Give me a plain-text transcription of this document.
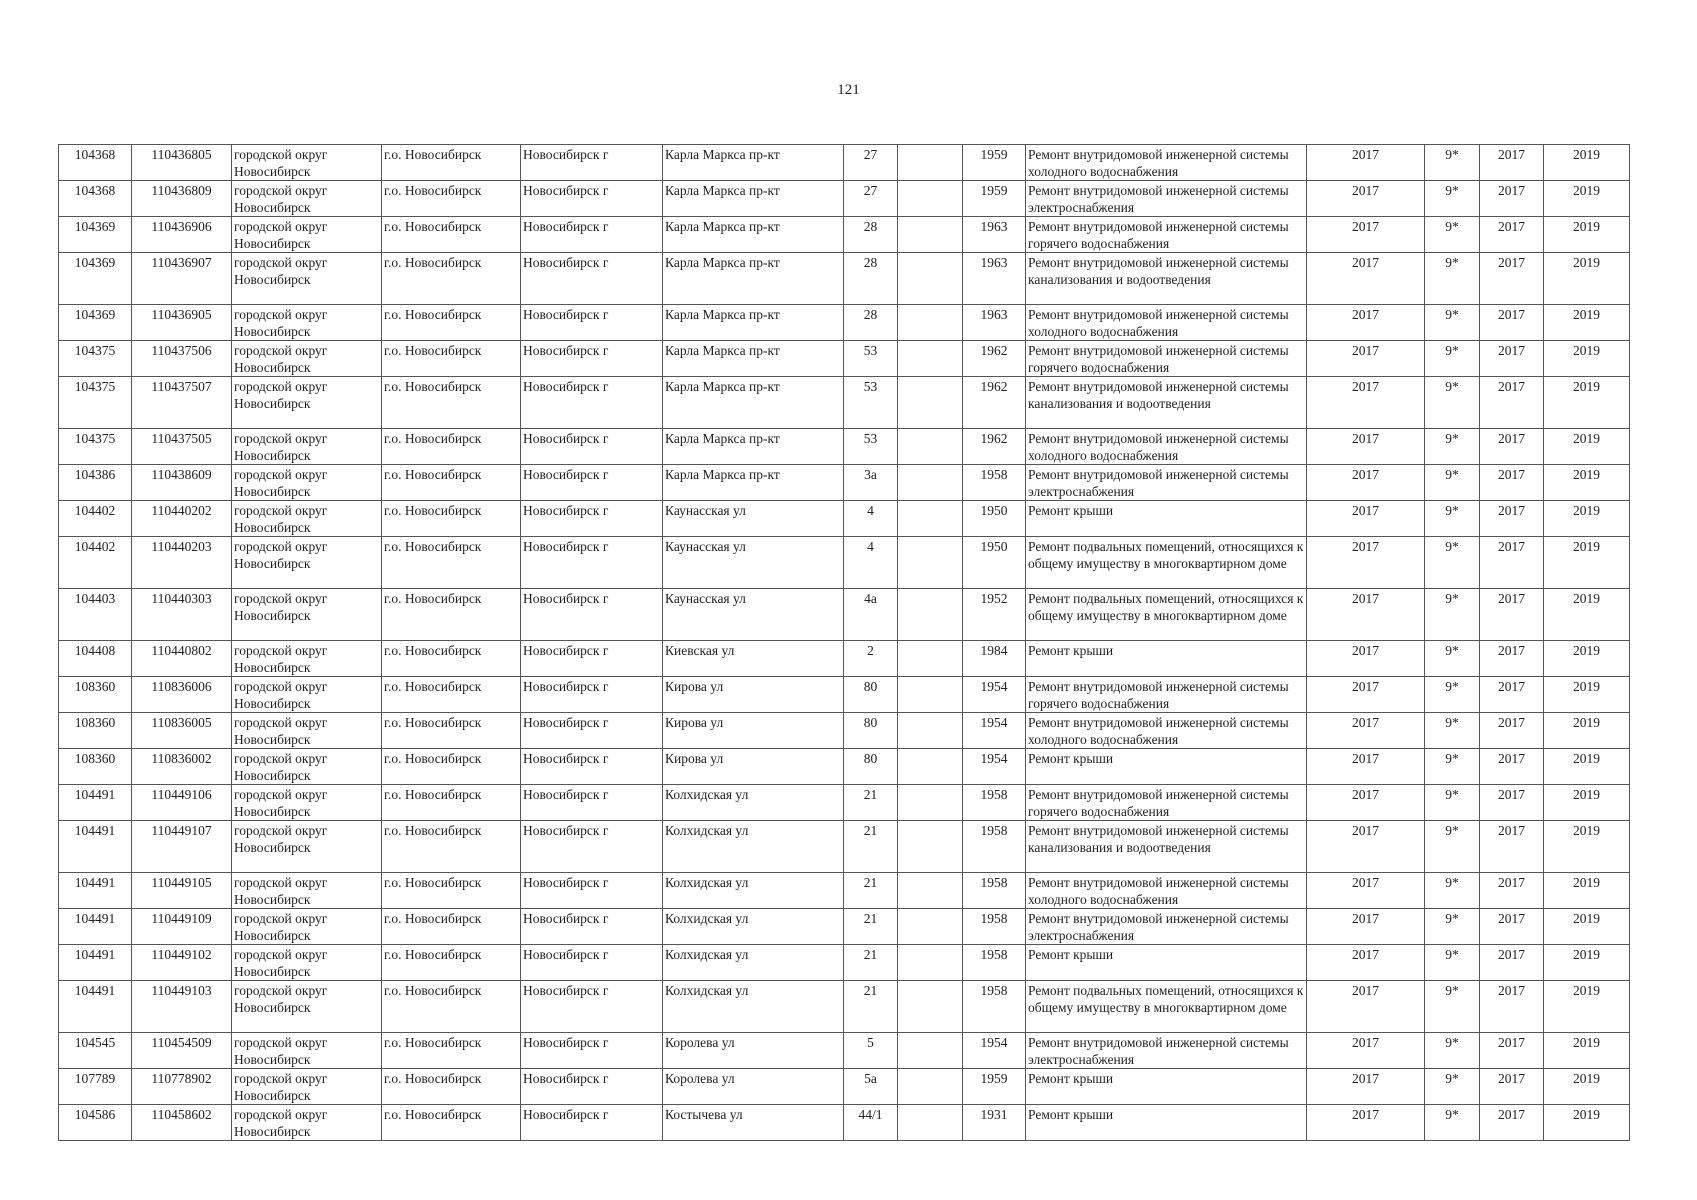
121
104368	110436805	городской округ Новосибирск	г.о. Новосибирск	Новосибирск г	Карла Маркса пр-кт	27		1959	Ремонт внутридомовой инженерной системы холодного водоснабжения	2017	9*	2017	2019
104368	110436809	городской округ Новосибирск	г.о. Новосибирск	Новосибирск г	Карла Маркса пр-кт	27		1959	Ремонт внутридомовой инженерной системы электроснабжения	2017	9*	2017	2019
104369	110436906	городской округ Новосибирск	г.о. Новосибирск	Новосибирск г	Карла Маркса пр-кт	28		1963	Ремонт внутридомовой инженерной системы горячего водоснабжения	2017	9*	2017	2019
104369	110436907	городской округ Новосибирск	г.о. Новосибирск	Новосибирск г	Карла Маркса пр-кт	28		1963	Ремонт внутридомовой инженерной системы канализования и водоотведения	2017	9*	2017	2019
104369	110436905	городской округ Новосибирск	г.о. Новосибирск	Новосибирск г	Карла Маркса пр-кт	28		1963	Ремонт внутридомовой инженерной системы холодного водоснабжения	2017	9*	2017	2019
104375	110437506	городской округ Новосибирск	г.о. Новосибирск	Новосибирск г	Карла Маркса пр-кт	53		1962	Ремонт внутридомовой инженерной системы горячего водоснабжения	2017	9*	2017	2019
104375	110437507	городской округ Новосибирск	г.о. Новосибирск	Новосибирск г	Карла Маркса пр-кт	53		1962	Ремонт внутридомовой инженерной системы канализования и водоотведения	2017	9*	2017	2019
104375	110437505	городской округ Новосибирск	г.о. Новосибирск	Новосибирск г	Карла Маркса пр-кт	53		1962	Ремонт внутридомовой инженерной системы холодного водоснабжения	2017	9*	2017	2019
104386	110438609	городской округ Новосибирск	г.о. Новосибирск	Новосибирск г	Карла Маркса пр-кт	3а		1958	Ремонт внутридомовой инженерной системы электроснабжения	2017	9*	2017	2019
104402	110440202	городской округ Новосибирск	г.о. Новосибирск	Новосибирск г	Каунасская ул	4		1950	Ремонт крыши	2017	9*	2017	2019
104402	110440203	городской округ Новосибирск	г.о. Новосибирск	Новосибирск г	Каунасская ул	4		1950	Ремонт подвальных помещений, относящихся к общему имуществу в многоквартирном доме	2017	9*	2017	2019
104403	110440303	городской округ Новосибирск	г.о. Новосибирск	Новосибирск г	Каунасская ул	4а		1952	Ремонт подвальных помещений, относящихся к общему имуществу в многоквартирном доме	2017	9*	2017	2019
104408	110440802	городской округ Новосибирск	г.о. Новосибирск	Новосибирск г	Киевская ул	2		1984	Ремонт крыши	2017	9*	2017	2019
108360	110836006	городской округ Новосибирск	г.о. Новосибирск	Новосибирск г	Кирова ул	80		1954	Ремонт внутридомовой инженерной системы горячего водоснабжения	2017	9*	2017	2019
108360	110836005	городской округ Новосибирск	г.о. Новосибирск	Новосибирск г	Кирова ул	80		1954	Ремонт внутридомовой инженерной системы холодного водоснабжения	2017	9*	2017	2019
108360	110836002	городской округ Новосибирск	г.о. Новосибирск	Новосибирск г	Кирова ул	80		1954	Ремонт крыши	2017	9*	2017	2019
104491	110449106	городской округ Новосибирск	г.о. Новосибирск	Новосибирск г	Колхидская ул	21		1958	Ремонт внутридомовой инженерной системы горячего водоснабжения	2017	9*	2017	2019
104491	110449107	городской округ Новосибирск	г.о. Новосибирск	Новосибирск г	Колхидская ул	21		1958	Ремонт внутридомовой инженерной системы канализования и водоотведения	2017	9*	2017	2019
104491	110449105	городской округ Новосибирск	г.о. Новосибирск	Новосибирск г	Колхидская ул	21		1958	Ремонт внутридомовой инженерной системы холодного водоснабжения	2017	9*	2017	2019
104491	110449109	городской округ Новосибирск	г.о. Новосибирск	Новосибирск г	Колхидская ул	21		1958	Ремонт внутридомовой инженерной системы электроснабжения	2017	9*	2017	2019
104491	110449102	городской округ Новосибирск	г.о. Новосибирск	Новосибирск г	Колхидская ул	21		1958	Ремонт крыши	2017	9*	2017	2019
104491	110449103	городской округ Новосибирск	г.о. Новосибирск	Новосибирск г	Колхидская ул	21		1958	Ремонт подвальных помещений, относящихся к общему имуществу в многоквартирном доме	2017	9*	2017	2019
104545	110454509	городской округ Новосибирск	г.о. Новосибирск	Новосибирск г	Королева ул	5		1954	Ремонт внутридомовой инженерной системы электроснабжения	2017	9*	2017	2019
107789	110778902	городской округ Новосибирск	г.о. Новосибирск	Новосибирск г	Королева ул	5а		1959	Ремонт крыши	2017	9*	2017	2019
104586	110458602	городской округ Новосибирск	г.о. Новосибирск	Новосибирск г	Костычева ул	44/1		1931	Ремонт крыши	2017	9*	2017	2019
